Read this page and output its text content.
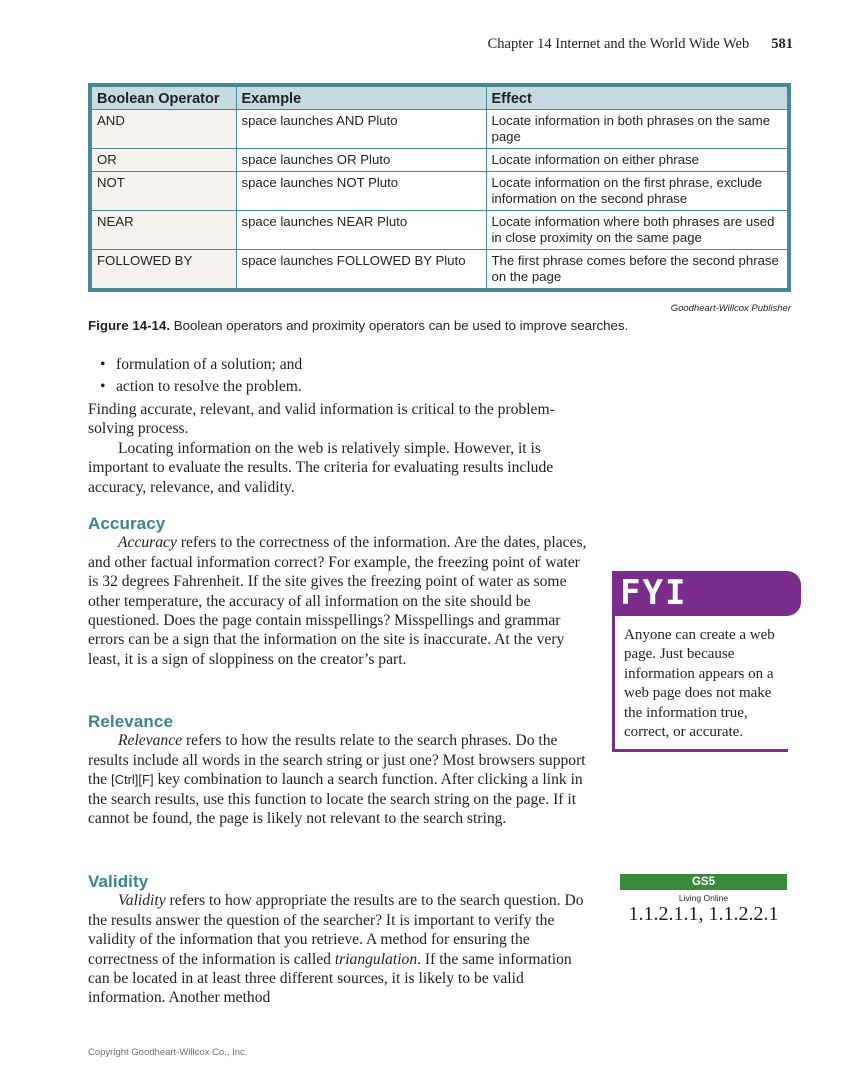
Chapter 14 Internet and the World Wide Web 581
Boolean Operator	Example	Effect
AND	space launches AND Pluto	Locate information in both phrases on the same page
OR	space launches OR Pluto	Locate information on either phrase
NOT	space launches NOT Pluto	Locate information on the first phrase, exclude information on the second phrase
NEAR	space launches NEAR Pluto	Locate information where both phrases are used in close proximity on the same page
FOLLOWED BY	space launches FOLLOWED BY Pluto	The first phrase comes before the second phrase on the page
Goodheart-Willcox Publisher
Figure 14-14. Boolean operators and proximity operators can be used to improve searches.
• formulation of a solution; and
• action to resolve the problem.

Finding accurate, relevant, and valid information is critical to the problem-solving process.

Locating information on the web is relatively simple. However, it is important to evaluate the results. The criteria for evaluating results include accuracy, relevance, and validity.

Accuracy

Accuracy refers to the correctness of the information. Are the dates, places, and other factual information correct? For example, the freezing point of water is 32 degrees Fahrenheit. If the site gives the freezing point of water as some other temperature, the accuracy of all information on the site should be questioned. Does the page contain misspellings? Misspellings and grammar errors can be a sign that the information on the site is inaccurate. At the very least, it is a sign of sloppiness on the creator’s part.

Relevance

Relevance refers to how the results relate to the search phrases. Do the results include all words in the search string or just one? Most browsers support the [Ctrl][F] key combination to launch a search function. After clicking a link in the search results, use this function to locate the search string on the page. If it cannot be found, the page is likely not relevant to the search string.

Validity

Validity refers to how appropriate the results are to the search question. Do the results answer the question of the searcher? It is important to verify the validity of the information that you retrieve. A method for ensuring the correctness of the information is called triangulation. If the same information can be located in at least three different sources, it is likely to be valid information. Another method

FYI
Anyone can create a web page. Just because information appears on a web page does not make the information true, correct, or accurate.
GS5
Living Online
1.1.2.1.1, 1.1.2.2.1
Copyright Goodheart-Willcox Co., Inc.
